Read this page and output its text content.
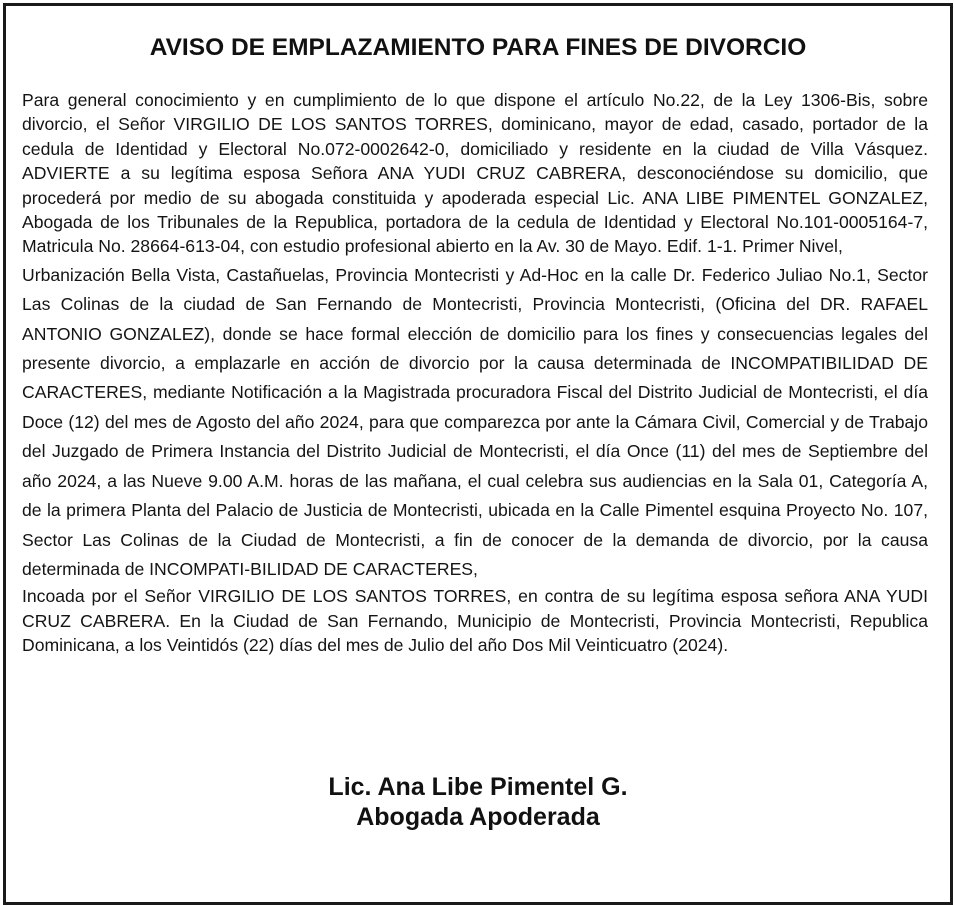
AVISO DE EMPLAZAMIENTO PARA FINES DE DIVORCIO

Para general conocimiento y en cumplimiento de lo que dispone el artículo No.22, de la Ley 1306-Bis, sobre divorcio, el Señor VIRGILIO DE LOS SANTOS TORRES, dominicano, mayor de edad, casado, portador de la cedula de Identidad y Electoral No.072-0002642-0, domiciliado y residente en la ciudad de Villa Vásquez. ADVIERTE a su legítima esposa Señora ANA YUDI CRUZ CABRERA, desconociéndose su domicilio, que procederá por medio de su abogada constituida y apoderada especial Lic. ANA LIBE PIMENTEL GONZALEZ, Abogada de los Tribunales de la Republica, portadora de la cedula de Identidad y Electoral No.101-0005164-7, Matricula No. 28664-613-04, con estudio profesional abierto en la Av. 30 de Mayo. Edif. 1-1. Primer Nivel,

Urbanización Bella Vista, Castañuelas, Provincia Montecristi y Ad-Hoc en la calle Dr. Federico Juliao No.1, Sector Las Colinas de la ciudad de San Fernando de Montecristi, Provincia Montecristi, (Oficina del DR. RAFAEL ANTONIO GONZALEZ), donde se hace formal elección de domicilio para los fines y consecuencias legales del presente divorcio, a emplazarle en acción de divorcio por la causa determinada de INCOMPATIBILIDAD DE CARACTERES, mediante Notificación a la Magistrada procuradora Fiscal del Distrito Judicial de Montecristi, el día Doce (12) del mes de Agosto del año 2024, para que comparezca por ante la Cámara Civil, Comercial y de Trabajo del Juzgado de Primera Instancia del Distrito Judicial de Montecristi, el día Once (11) del mes de Septiembre del año 2024, a las Nueve 9.00 A.M. horas de las mañana, el cual celebra sus audiencias en la Sala 01, Categoría A, de la primera Planta del Palacio de Justicia de Montecristi, ubicada en la Calle Pimentel esquina Proyecto No. 107, Sector Las Colinas de la Ciudad de Montecristi, a fin de conocer de la demanda de divorcio, por la causa determinada de INCOMPATI-BILIDAD DE CARACTERES,

Incoada por el Señor VIRGILIO DE LOS SANTOS TORRES, en contra de su legítima esposa señora ANA YUDI CRUZ CABRERA. En la Ciudad de San Fernando, Municipio de Montecristi, Provincia Montecristi, Republica Dominicana, a los Veintidós (22) días del mes de Julio del año Dos Mil Veinticuatro (2024).

Lic. Ana Libe Pimentel G.
Abogada Apoderada
